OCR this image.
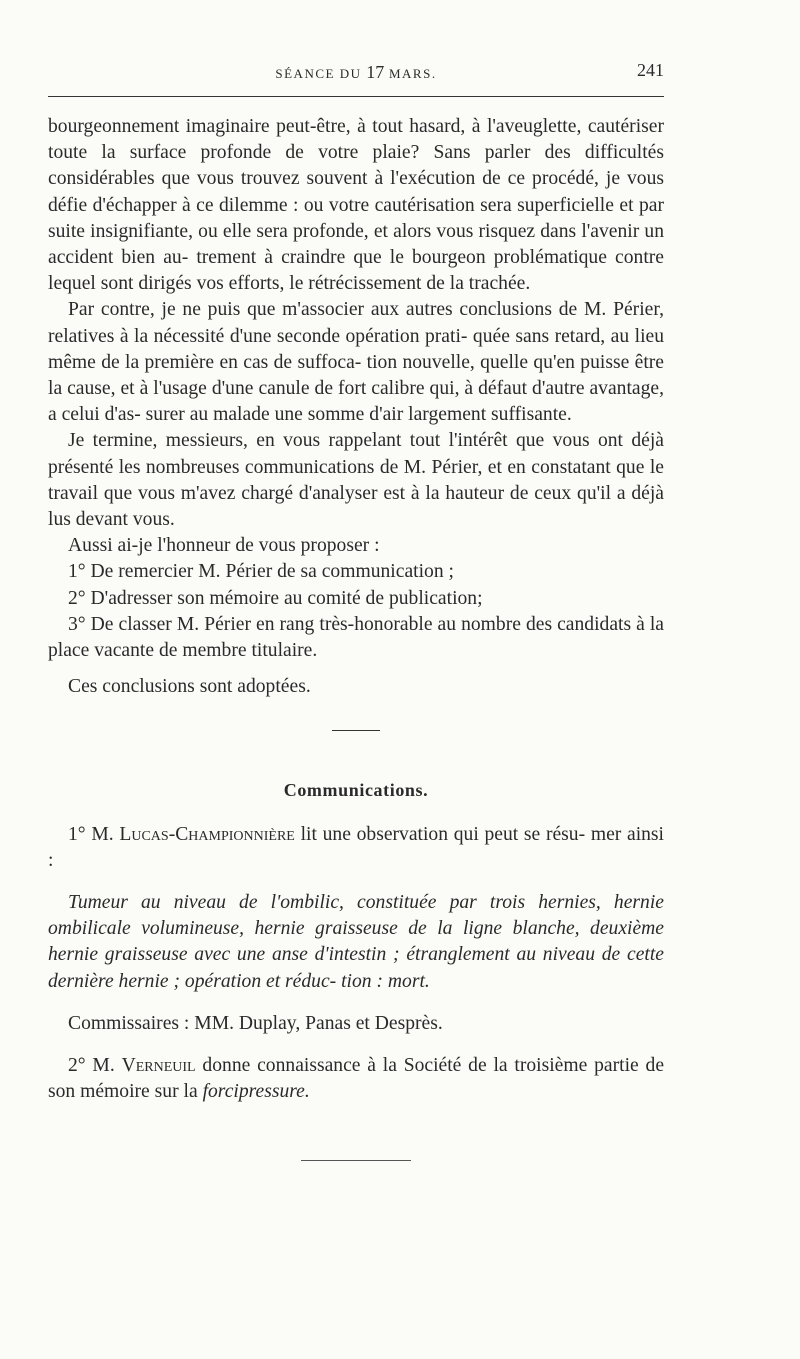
SÉANCE DU 17 MARS.	241

bourgeonnement imaginaire peut-être, à tout hasard, à l'aveuglette, cautériser toute la surface profonde de votre plaie? Sans parler des difficultés considérables que vous trouvez souvent à l'exécution de ce procédé, je vous défie d'échapper à ce dilemme : ou votre cautérisation sera superficielle et par suite insignifiante, ou elle sera profonde, et alors vous risquez dans l'avenir un accident bien au- trement à craindre que le bourgeon problématique contre lequel sont dirigés vos efforts, le rétrécissement de la trachée.

Par contre, je ne puis que m'associer aux autres conclusions de M. Périer, relatives à la nécessité d'une seconde opération prati- quée sans retard, au lieu même de la première en cas de suffoca- tion nouvelle, quelle qu'en puisse être la cause, et à l'usage d'une canule de fort calibre qui, à défaut d'autre avantage, a celui d'as- surer au malade une somme d'air largement suffisante.

Je termine, messieurs, en vous rappelant tout l'intérêt que vous ont déjà présenté les nombreuses communications de M. Périer, et en constatant que le travail que vous m'avez chargé d'analyser est à la hauteur de ceux qu'il a déjà lus devant vous.

Aussi ai-je l'honneur de vous proposer :

1° De remercier M. Périer de sa communication ;

2° D'adresser son mémoire au comité de publication;

3° De classer M. Périer en rang très-honorable au nombre des candidats à la place vacante de membre titulaire.

Ces conclusions sont adoptées.

Communications.

1° M. Lucas-Championnière lit une observation qui peut se résu- mer ainsi :

Tumeur au niveau de l'ombilic, constituée par trois hernies, hernie ombilicale volumineuse, hernie graisseuse de la ligne blanche, deuxième hernie graisseuse avec une anse d'intestin ; étranglement au niveau de cette dernière hernie ; opération et réduc- tion : mort.

Commissaires : MM. Duplay, Panas et Desprès.

2° M. Verneuil donne connaissance à la Société de la troisième partie de son mémoire sur la forcipressure.
